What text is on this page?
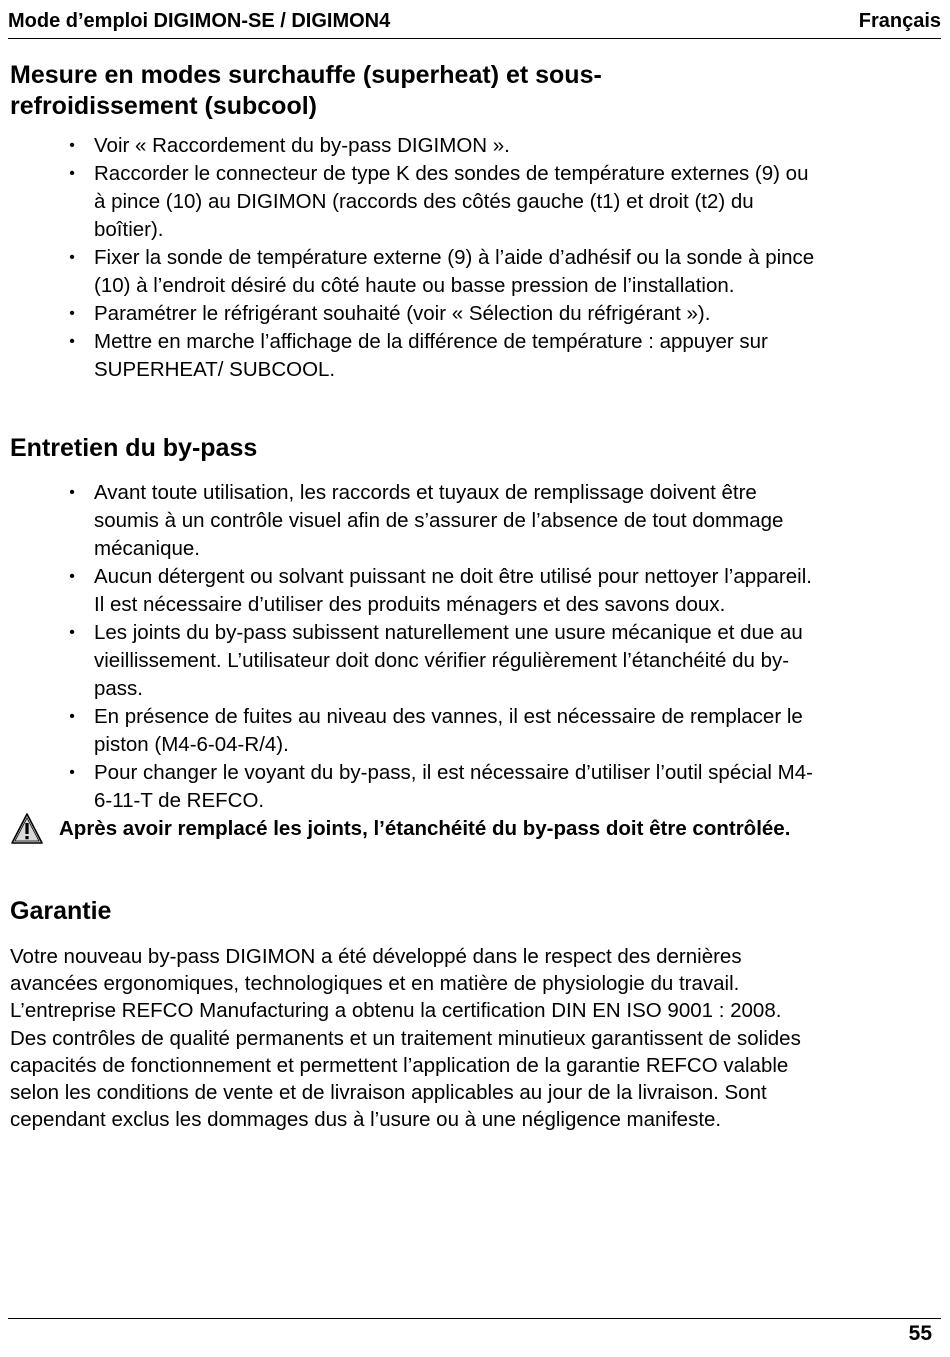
Mode d’emploi DIGIMON-SE / DIGIMON4	Français
Mesure en modes surchauffe (superheat) et sous-
refroidissement (subcool)
• Voir « Raccordement du by-pass DIGIMON ».
• Raccorder le connecteur de type K des sondes de température externes (9) ou
à pince (10) au DIGIMON (raccords des côtés gauche (t1) et droit (t2) du
boîtier).
• Fixer la sonde de température externe (9) à l’aide d’adhésif ou la sonde à pince
(10) à l’endroit désiré du côté haute ou basse pression de l’installation.
• Paramétrer le réfrigérant souhaité (voir « Sélection du réfrigérant »).
• Mettre en marche l’affichage de la différence de température : appuyer sur
SUPERHEAT/ SUBCOOL.
Entretien du by-pass
• Avant toute utilisation, les raccords et tuyaux de remplissage doivent être
soumis à un contrôle visuel afin de s’assurer de l’absence de tout dommage
mécanique.
• Aucun détergent ou solvant puissant ne doit être utilisé pour nettoyer l’appareil.
Il est nécessaire d’utiliser des produits ménagers et des savons doux.
• Les joints du by-pass subissent naturellement une usure mécanique et due au
vieillissement. L’utilisateur doit donc vérifier régulièrement l’étanchéité du by-
pass.
• En présence de fuites au niveau des vannes, il est nécessaire de remplacer le
piston (M4-6-04-R/4).
• Pour changer le voyant du by-pass, il est nécessaire d’utiliser l’outil spécial M4-
6-11-T de REFCO.
Après avoir remplacé les joints, l’étanchéité du by-pass doit être contrôlée.
Garantie
Votre nouveau by-pass DIGIMON a été développé dans le respect des dernières
avancées ergonomiques, technologiques et en matière de physiologie du travail.
L’entreprise REFCO Manufacturing a obtenu la certification DIN EN ISO 9001 : 2008.
Des contrôles de qualité permanents et un traitement minutieux garantissent de solides
capacités de fonctionnement et permettent l’application de la garantie REFCO valable
selon les conditions de vente et de livraison applicables au jour de la livraison. Sont
cependant exclus les dommages dus à l’usure ou à une négligence manifeste.
55
